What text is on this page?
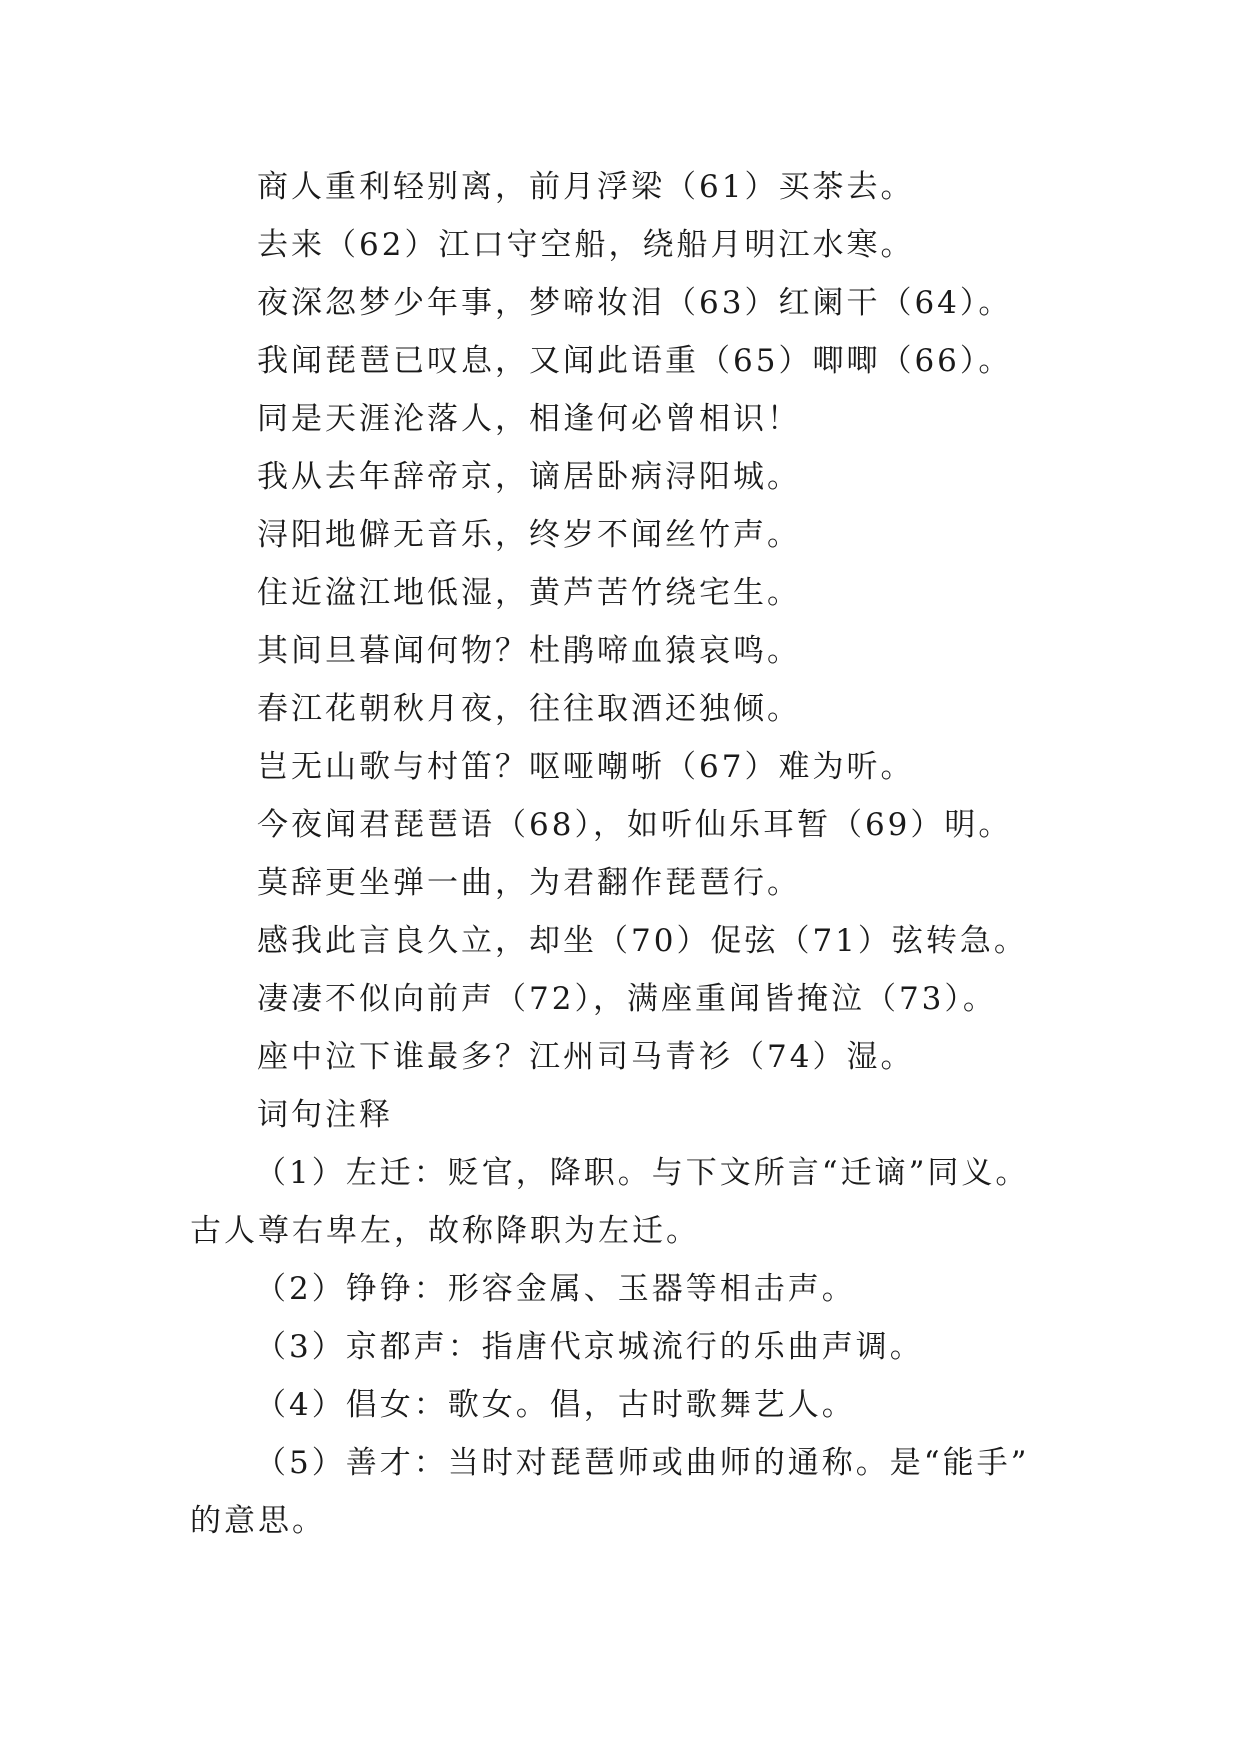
商人重利轻别离，前月浮梁（61）买茶去。
去来（62）江口守空船，绕船月明江水寒。
夜深忽梦少年事，梦啼妆泪（63）红阑干（64）。
我闻琵琶已叹息，又闻此语重（65）唧唧（66）。
同是天涯沦落人，相逢何必曾相识！
我从去年辞帝京，谪居卧病浔阳城。
浔阳地僻无音乐，终岁不闻丝竹声。
住近湓江地低湿，黄芦苦竹绕宅生。
其间旦暮闻何物？杜鹃啼血猿哀鸣。
春江花朝秋月夜，往往取酒还独倾。
岂无山歌与村笛？呕哑嘲哳（67）难为听。
今夜闻君琵琶语（68），如听仙乐耳暂（69）明。
莫辞更坐弹一曲，为君翻作琵琶行。
感我此言良久立，却坐（70）促弦（71）弦转急。
凄凄不似向前声（72），满座重闻皆掩泣（73）。
座中泣下谁最多？江州司马青衫（74）湿。
词句注释
（1）左迁：贬官，降职。与下文所言“迁谪”同义。
古人尊右卑左，故称降职为左迁。
（2）铮铮：形容金属、玉器等相击声。
（3）京都声：指唐代京城流行的乐曲声调。
（4）倡女：歌女。倡，古时歌舞艺人。
（5）善才：当时对琵琶师或曲师的通称。是“能手”
的意思。
